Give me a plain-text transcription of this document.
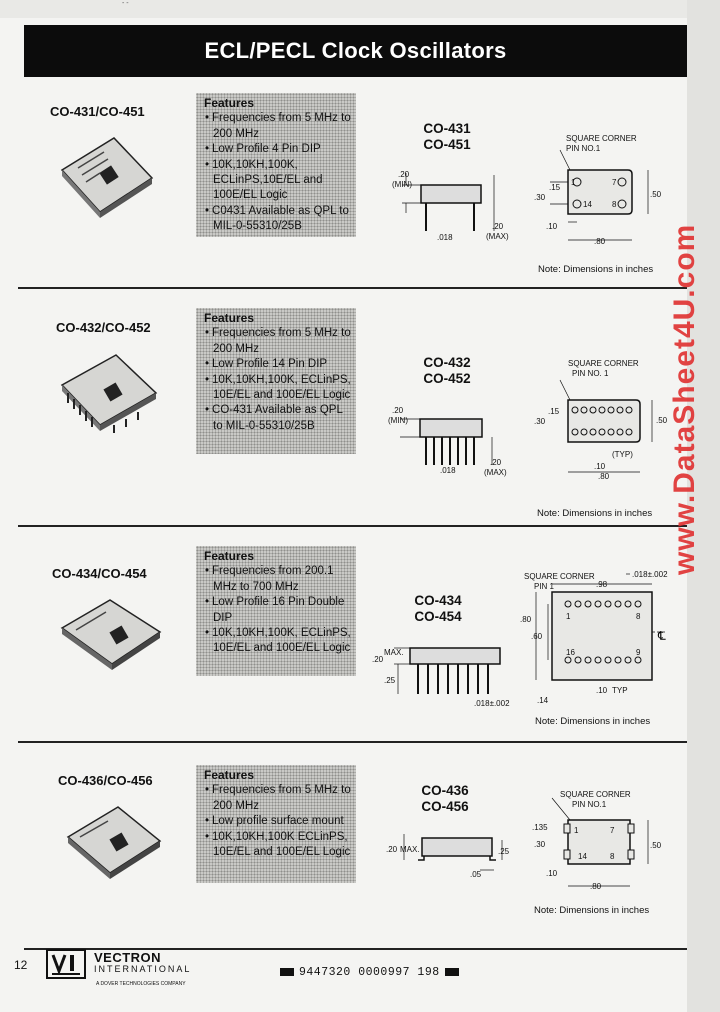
- -
ECL/PECL Clock Oscillators
CO-431/CO-451
Features
• Frequencies from 5 MHz to 200 MHz
• Low Profile 4 Pin DIP
• 10K,10KH,100K, ECLinPS,10E/EL and 100E/EL Logic
• C0431 Available as QPL to MIL-0-55310/25B
CO-431
CO-451
.20
(MIN)
.018
.20
(MAX)
SQUARE CORNER
PIN NO.1
.15
.30	.50
.10
.80
1	7
14	8
Note: Dimensions in inches
CO-432/CO-452
Features
• Frequencies from 5 MHz to 200 MHz
• Low Profile 14 Pin DIP
• 10K,10KH,100K, ECLinPS, 10E/EL and 100E/EL Logic
• CO-431 Available as QPL to MIL-0-55310/25B
CO-432
CO-452
.20
(MIN)
.018
.20
(MAX)
SQUARE CORNER
PIN NO. 1
.15
.30	.50
.10
(TYP)
.80
Note: Dimensions in inches
CO-434/CO-454
Features
• Frequencies from 200.1 MHz to 700 MHz
• Low Profile 16 Pin Double DIP
• 10K,10KH,100K, ECLinPS, 10E/EL and 100E/EL Logic
CO-434
CO-454
.20
MAX.
.25
.018±.002
℄
SQUARE CORNER
PIN 1	.98
.018±.002
.80
.60
.14
.10 TYP
1	8
16	9
Note: Dimensions in inches
CO-436/CO-456	Features
• Frequencies from 5 MHz to 200 MHz
• Low profile surface mount
• 10K,10KH,100K ECLinPS, 10E/EL and 100E/EL Logic
CO-436
CO-456
.20 MAX.	.25
.05
SQUARE CORNER
PIN NO.1
.135
.30	.50
.10
.80
1	7
14	8
Note: Dimensions in inches
12	VECTRON
INTERNATIONAL
A DOVER TECHNOLOGIES COMPANY
9447320 0000997 198
www.DataSheet4U.com
